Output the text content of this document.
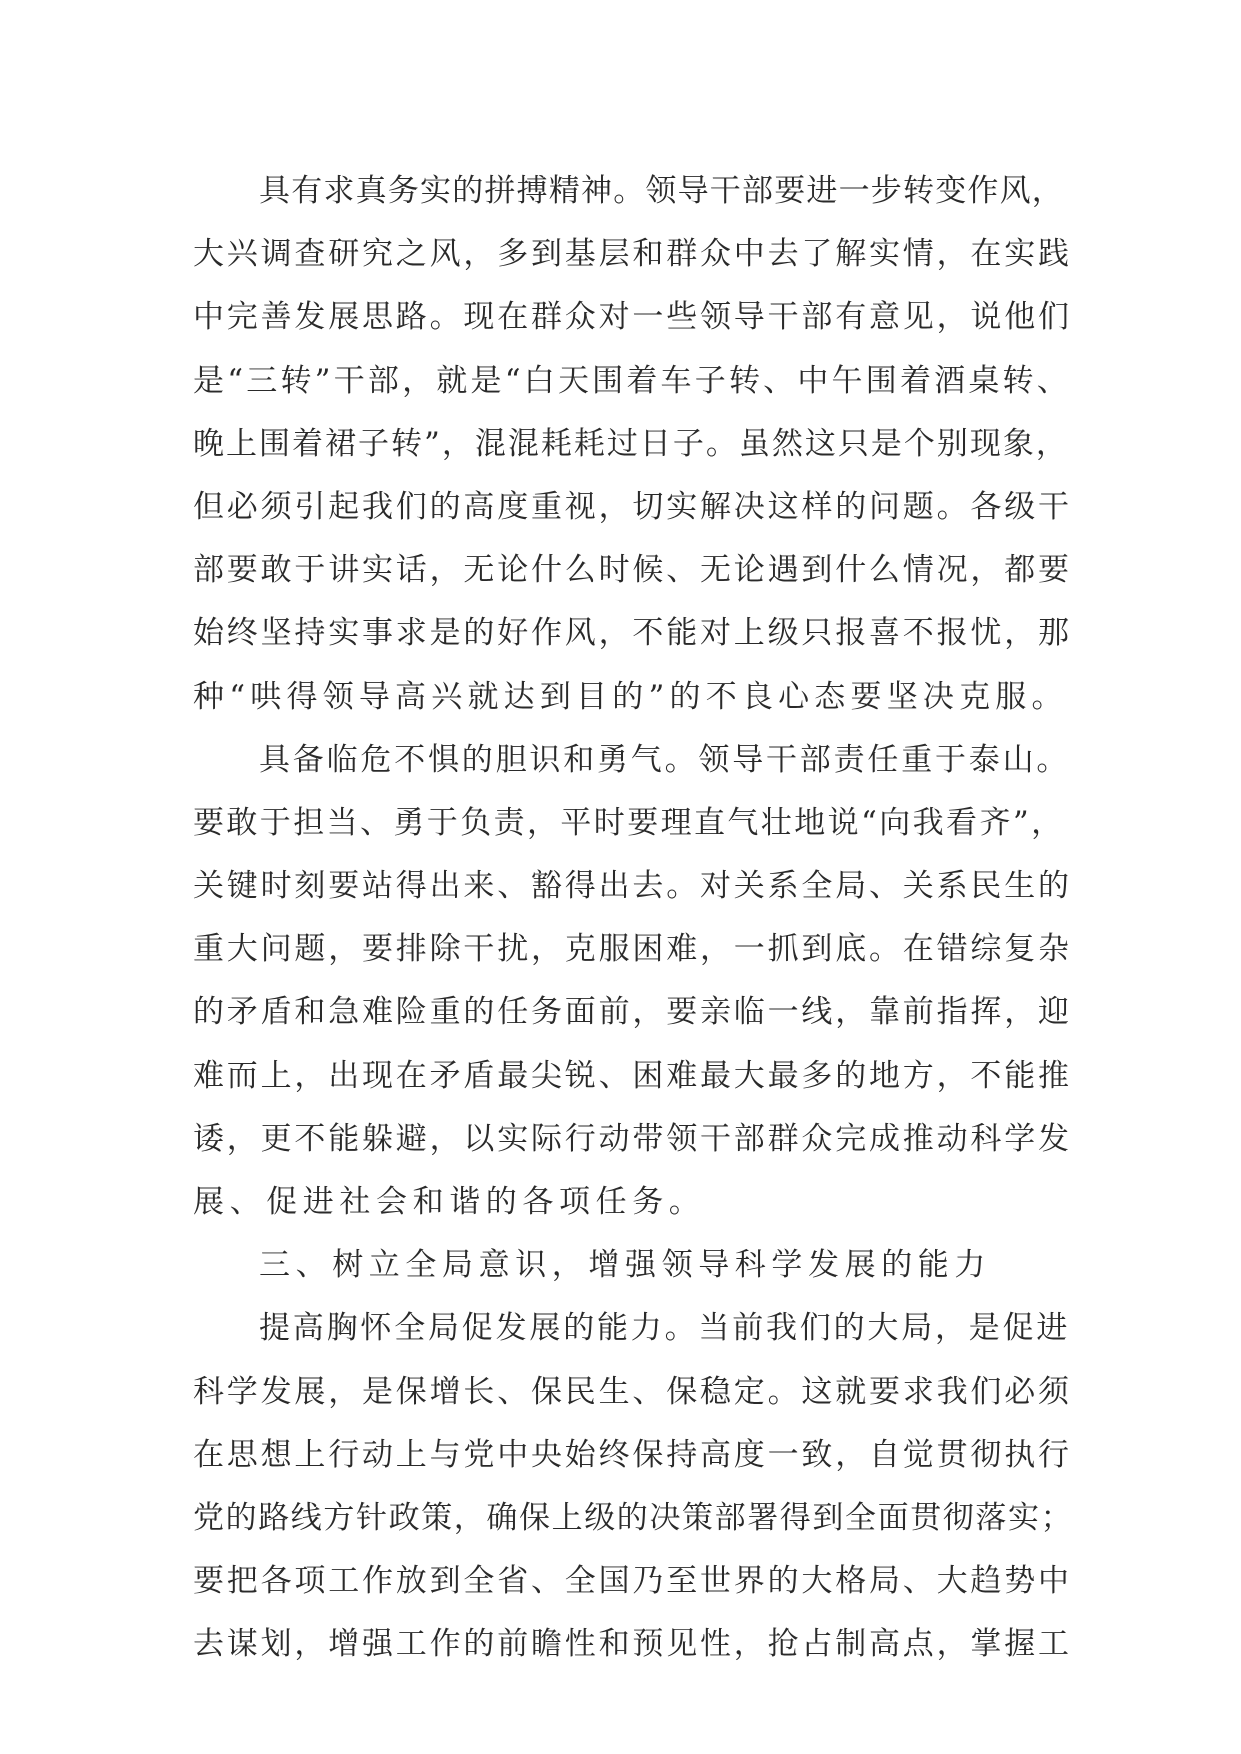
具有求真务实的拼搏精神。领导干部要进一步转变作风，
大兴调查研究之风，多到基层和群众中去了解实情，在实践
中完善发展思路。现在群众对一些领导干部有意见，说他们
是“三转”干部，就是“白天围着车子转、中午围着酒桌转、
晚上围着裙子转”，混混耗耗过日子。虽然这只是个别现象，
但必须引起我们的高度重视，切实解决这样的问题。各级干
部要敢于讲实话，无论什么时候、无论遇到什么情况，都要
始终坚持实事求是的好作风，不能对上级只报喜不报忧，那
种“哄得领导高兴就达到目的”的不良心态要坚决克服。
具备临危不惧的胆识和勇气。领导干部责任重于泰山。
要敢于担当、勇于负责，平时要理直气壮地说“向我看齐”，
关键时刻要站得出来、豁得出去。对关系全局、关系民生的
重大问题，要排除干扰，克服困难，一抓到底。在错综复杂
的矛盾和急难险重的任务面前，要亲临一线，靠前指挥，迎
难而上，出现在矛盾最尖锐、困难最大最多的地方，不能推
诿，更不能躲避，以实际行动带领干部群众完成推动科学发
展、促进社会和谐的各项任务。
三、树立全局意识，增强领导科学发展的能力
提高胸怀全局促发展的能力。当前我们的大局，是促进
科学发展，是保增长、保民生、保稳定。这就要求我们必须
在思想上行动上与党中央始终保持高度一致，自觉贯彻执行
党的路线方针政策，确保上级的决策部署得到全面贯彻落实；
要把各项工作放到全省、全国乃至世界的大格局、大趋势中
去谋划，增强工作的前瞻性和预见性，抢占制高点，掌握工
